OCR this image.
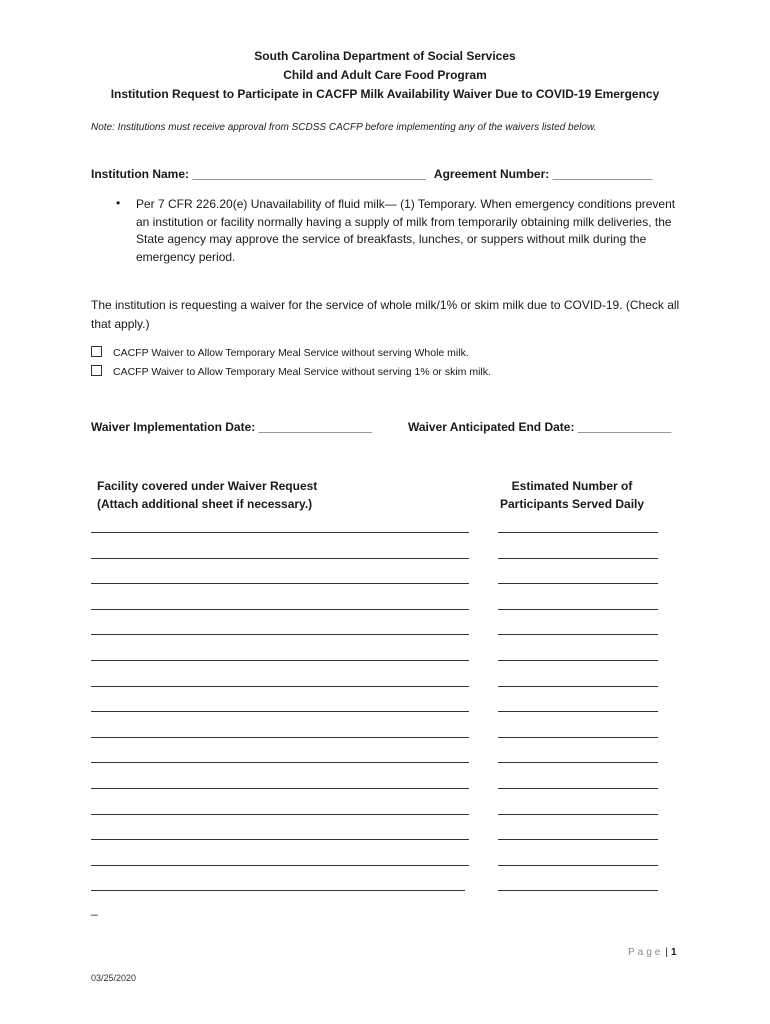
South Carolina Department of Social Services
Child and Adult Care Food Program
Institution Request to Participate in CACFP Milk Availability Waiver Due to COVID-19 Emergency
Note: Institutions must receive approval from SCDSS CACFP before implementing any of the waivers listed below.
Institution Name: ___________________________________ Agreement Number: _______________
• Per 7 CFR 226.20(e) Unavailability of fluid milk— (1) Temporary. When emergency conditions prevent an institution or facility normally having a supply of milk from temporarily obtaining milk deliveries, the State agency may approve the service of breakfasts, lunches, or suppers without milk during the emergency period.
The institution is requesting a waiver for the service of whole milk/1% or skim milk due to COVID-19. (Check all that apply.)
CACFP Waiver to Allow Temporary Meal Service without serving Whole milk.
CACFP Waiver to Allow Temporary Meal Service without serving 1% or skim milk.
Waiver Implementation Date: _________________	Waiver Anticipated End Date: ______________
Facility covered under Waiver Request
(Attach additional sheet if necessary.)
Estimated Number of
Participants Served Daily
_
Page | 1
03/25/2020
